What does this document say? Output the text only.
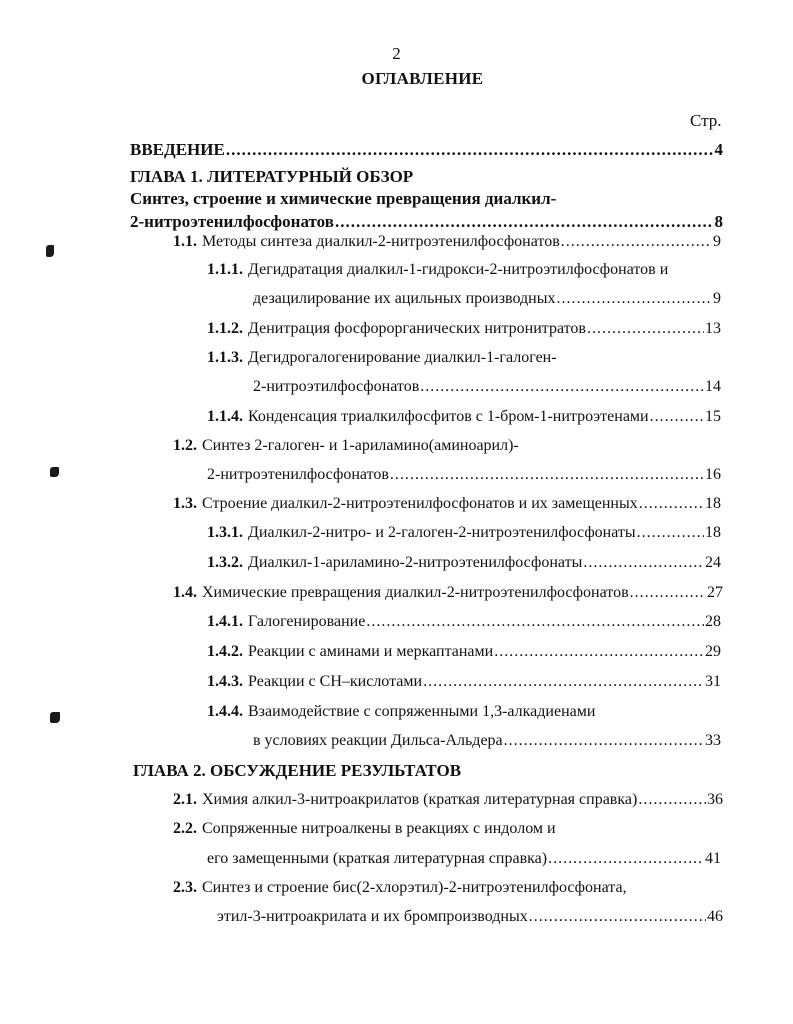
2
ОГЛАВЛЕНИЕ
Стр.
ВВЕДЕНИЕ .....	4
ГЛАВА 1. ЛИТЕРАТУРНЫЙ ОБЗОР
Синтез, строение и химические превращения диалкил-
2-нитроэтенилфосфонатов .....	8
1.1. Методы синтеза диалкил-2-нитроэтенилфосфонатов .....	9
1.1.1. Дегидратация диалкил-1-гидрокси-2-нитроэтилфосфонатов и
дезацилирование их ацильных производных .....	9
1.1.2. Денитрация фосфорорганических нитронитратов .....	13
1.1.3. Дегидрогалогенирование диалкил-1-галоген-
2-нитроэтилфосфонатов .....	14
1.1.4. Конденсация триалкилфосфитов с 1-бром-1-нитроэтенами .....	15
1.2. Синтез 2-галоген- и 1-ариламино(аминоарил)-
2-нитроэтенилфосфонатов .....	16
1.3. Строение диалкил-2-нитроэтенилфосфонатов и их замещенных .....	18
1.3.1. Диалкил-2-нитро- и 2-галоген-2-нитроэтенилфосфонаты .....	18
1.3.2. Диалкил-1-ариламино-2-нитроэтенилфосфонаты .....	24
1.4. Химические превращения диалкил-2-нитроэтенилфосфонатов .....	27
1.4.1. Галогенирование .....	28
1.4.2. Реакции с аминами и меркаптанами .....	29
1.4.3. Реакции с СН–кислотами .....	31
1.4.4. Взаимодействие с сопряженными 1,3-алкадиенами
в условиях реакции Дильса-Альдера .....	33
ГЛАВА 2. ОБСУЖДЕНИЕ РЕЗУЛЬТАТОВ
2.1. Химия алкил-3-нитроакрилатов (краткая литературная справка) .....	36
2.2. Сопряженные нитроалкены в реакциях с индолом и
его замещенными (краткая литературная справка) .....	41
2.3. Синтез и строение бис(2-хлорэтил)-2-нитроэтенилфосфоната,
этил-3-нитроакрилата и их бромпроизводных .....	46
